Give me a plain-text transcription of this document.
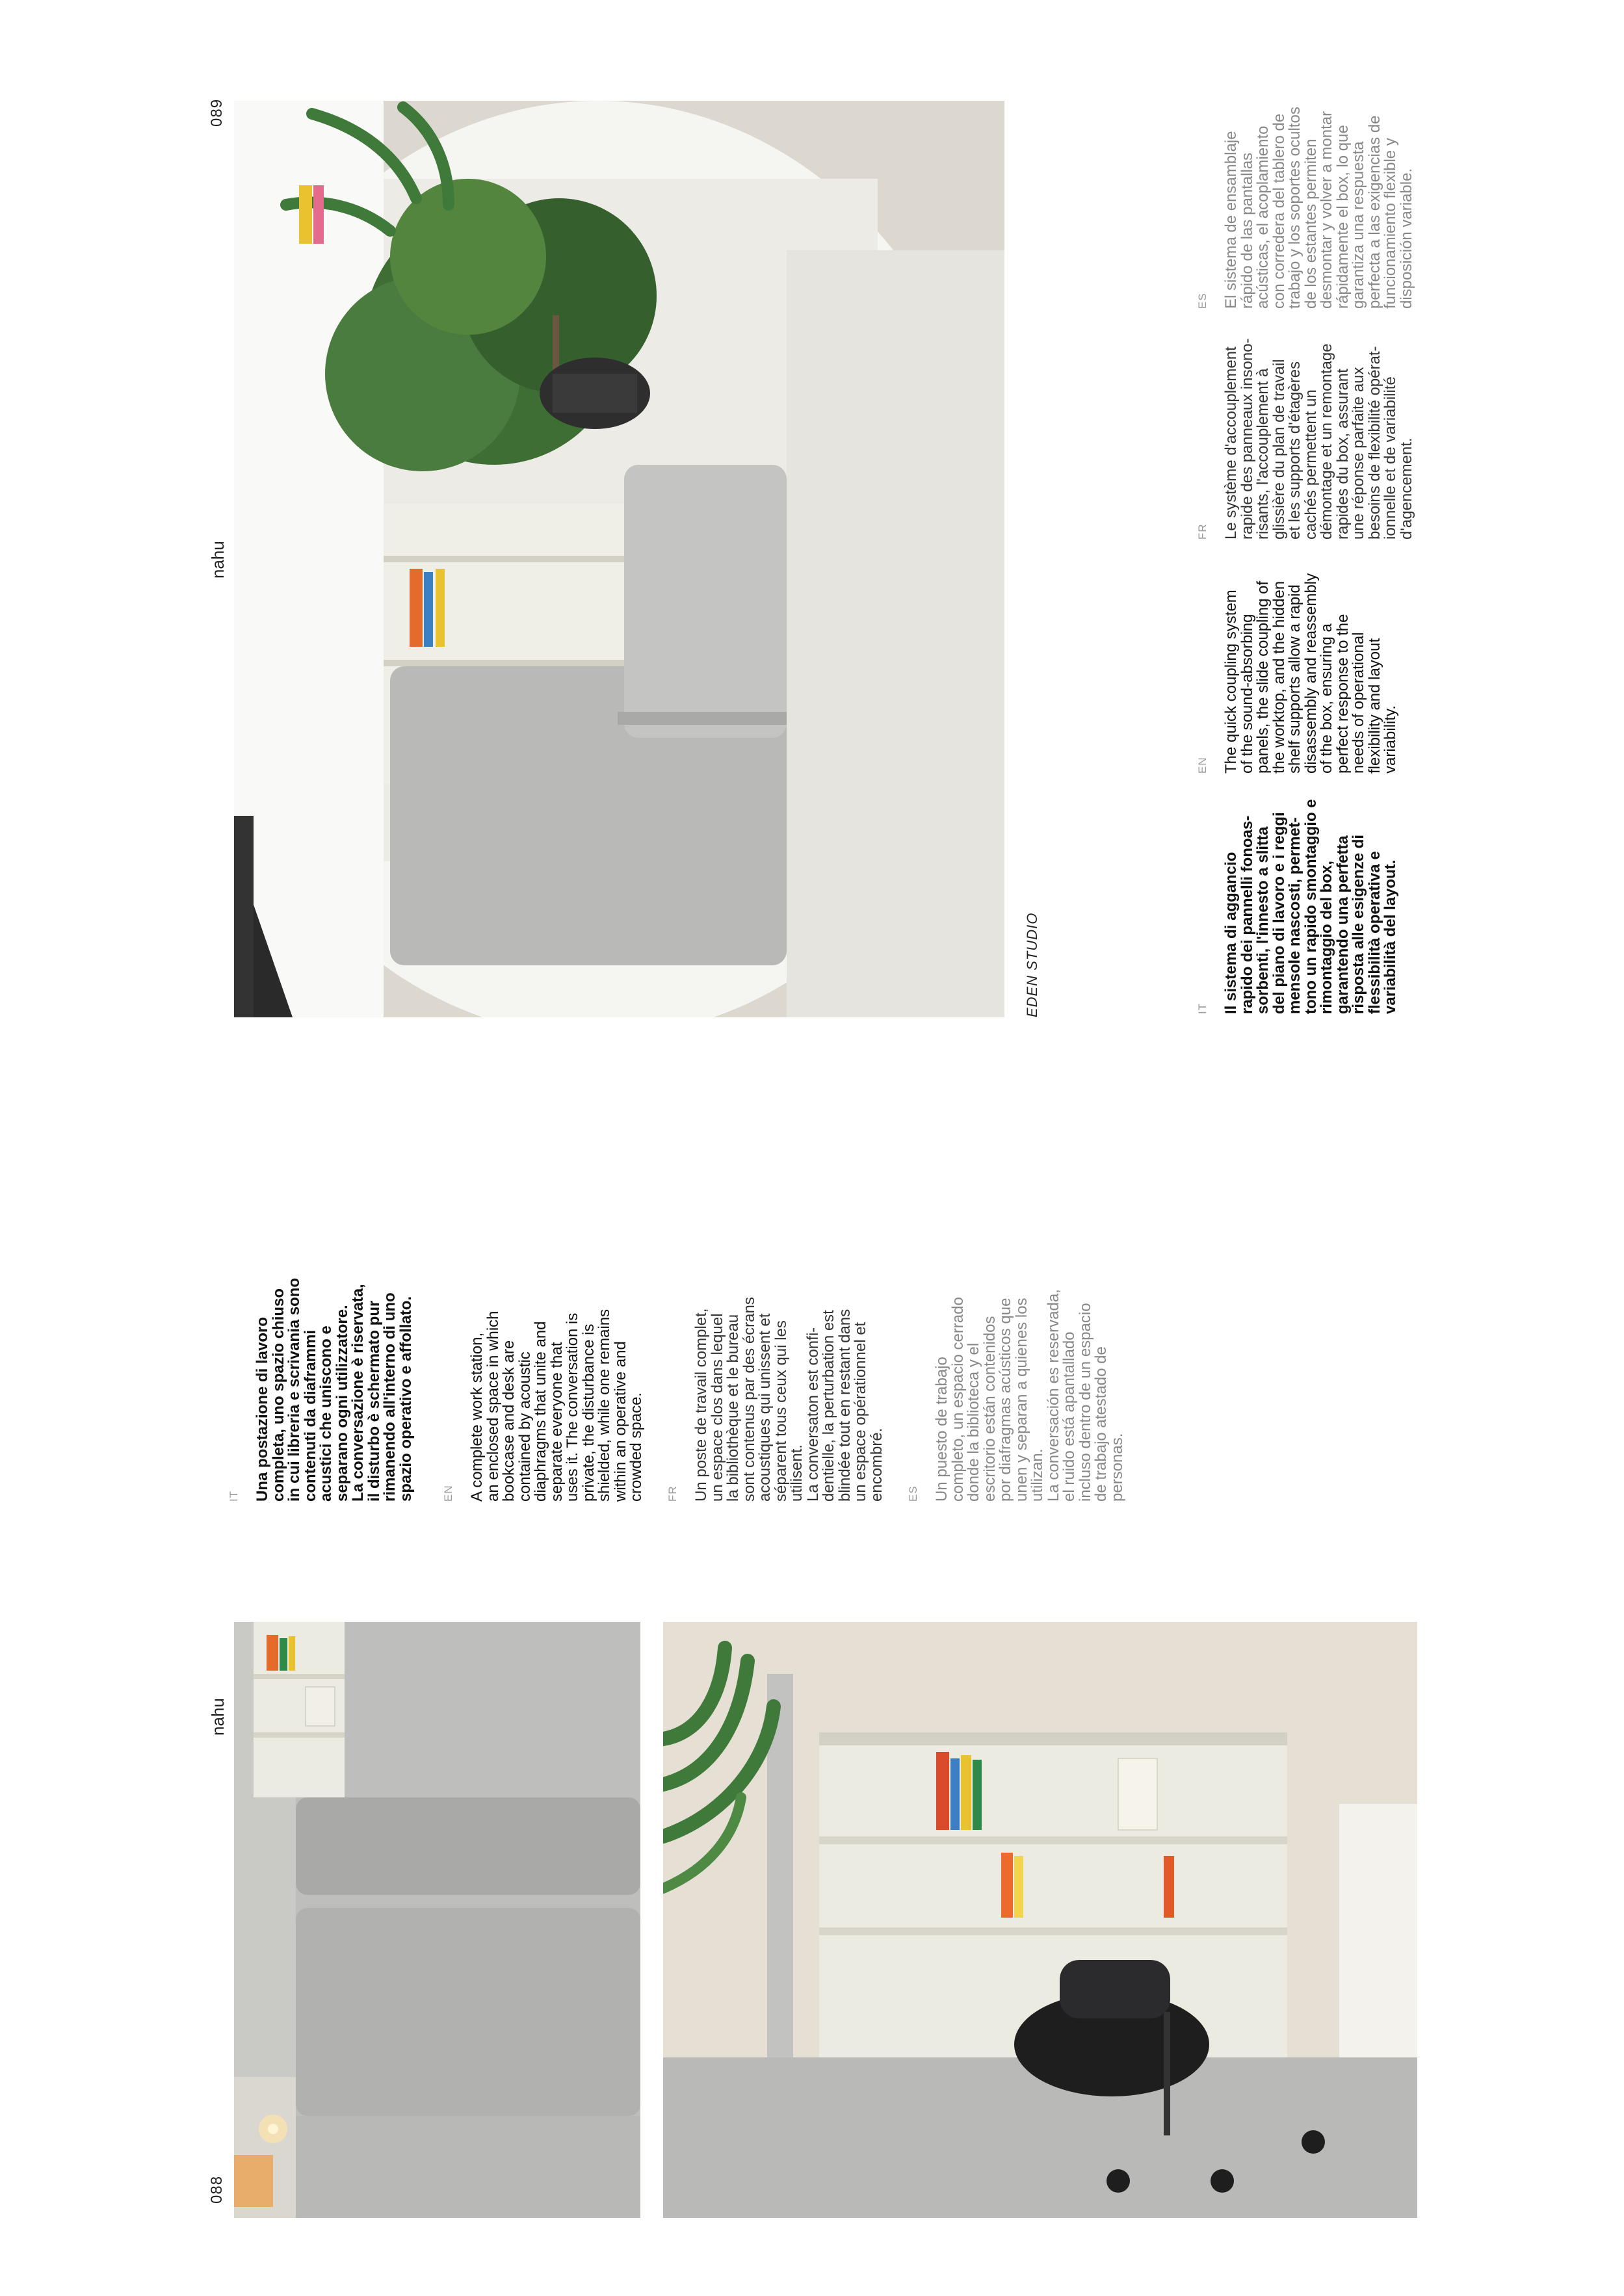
088
nahu
nahu
089
IT Una postazione di lavoro

completa, uno spazio chiuso

in cui libreria e scrivania sono

contenuti da diaframmi

acustici che uniscono e

separano ogni utilizzatore.

La conversazione è riservata,

il disturbo è schermato pur

rimanendo all'interno di uno

spazio operativo e affollato.	EN A complete work station,

an enclosed space in which

bookcase and desk are

contained by acoustic

diaphragms that unite and

separate everyone that

uses it. The conversation is

private, the disturbance is

shielded, while one remains

within an operative and

crowded space. FR Un poste de travail complet,

un espace clos dans lequel

la bibliothèque et le bureau

sont contenus par des écrans

acoustiques qui unissent et

séparent tous ceux qui les

utilisent.

La conversaton est confi-

dentielle, la perturbation est

blindée tout en restant dans

un espace opérationnel et

encombré. ES Un puesto de trabajo

completo, un espacio cerrado

donde la biblioteca y el

escritorio están contenidos

por diafragmas acústicos que

unen y separan a quienes los

utilizan.

La conversación es reservada,

el ruido está apantallado

incluso dentro de un espacio

de trabajo atestado de

personas.

EDEN STUDIO	IT Il sistema di aggancio

rapido dei pannelli fonoas-

sorbenti, l'innesto a slitta

del piano di lavoro e i reggi

mensole nascosti, permet-

tono un rapido smontaggio e

rimontaggio del box,

garantendo una perfetta

risposta alle esigenze di

flessibilità operativa e

variabilità del layout.

EN The quick coupling system

of the sound-absorbing

panels, the slide coupling of

the worktop, and the hidden

shelf supports allow a rapid

disassembly and reassembly

of the box, ensuring a

perfect response to the

needs of operational

flexibility and layout

variability.

FR Le système d'accouplement

rapide des panneaux insono-

risants, l'accouplement à

glissière du plan de travail

et les supports d'étagères

cachés permettent un

démontage et un remontage

rapides du box, assurant

une réponse parfaite aux

besoins de flexibilité opérat-

ionnelle et de variabilité

d'agencement.

ES El sistema de ensamblaje

rápido de las pantallas

acústicas, el acoplamiento

con corredera del tablero de

trabajo y los soportes ocultos

de los estantes permiten

desmontar y volver a montar

rápidamente el box, lo que

garantiza una respuesta

perfecta a las exigencias de

funcionamiento flexible y

disposición variable.
